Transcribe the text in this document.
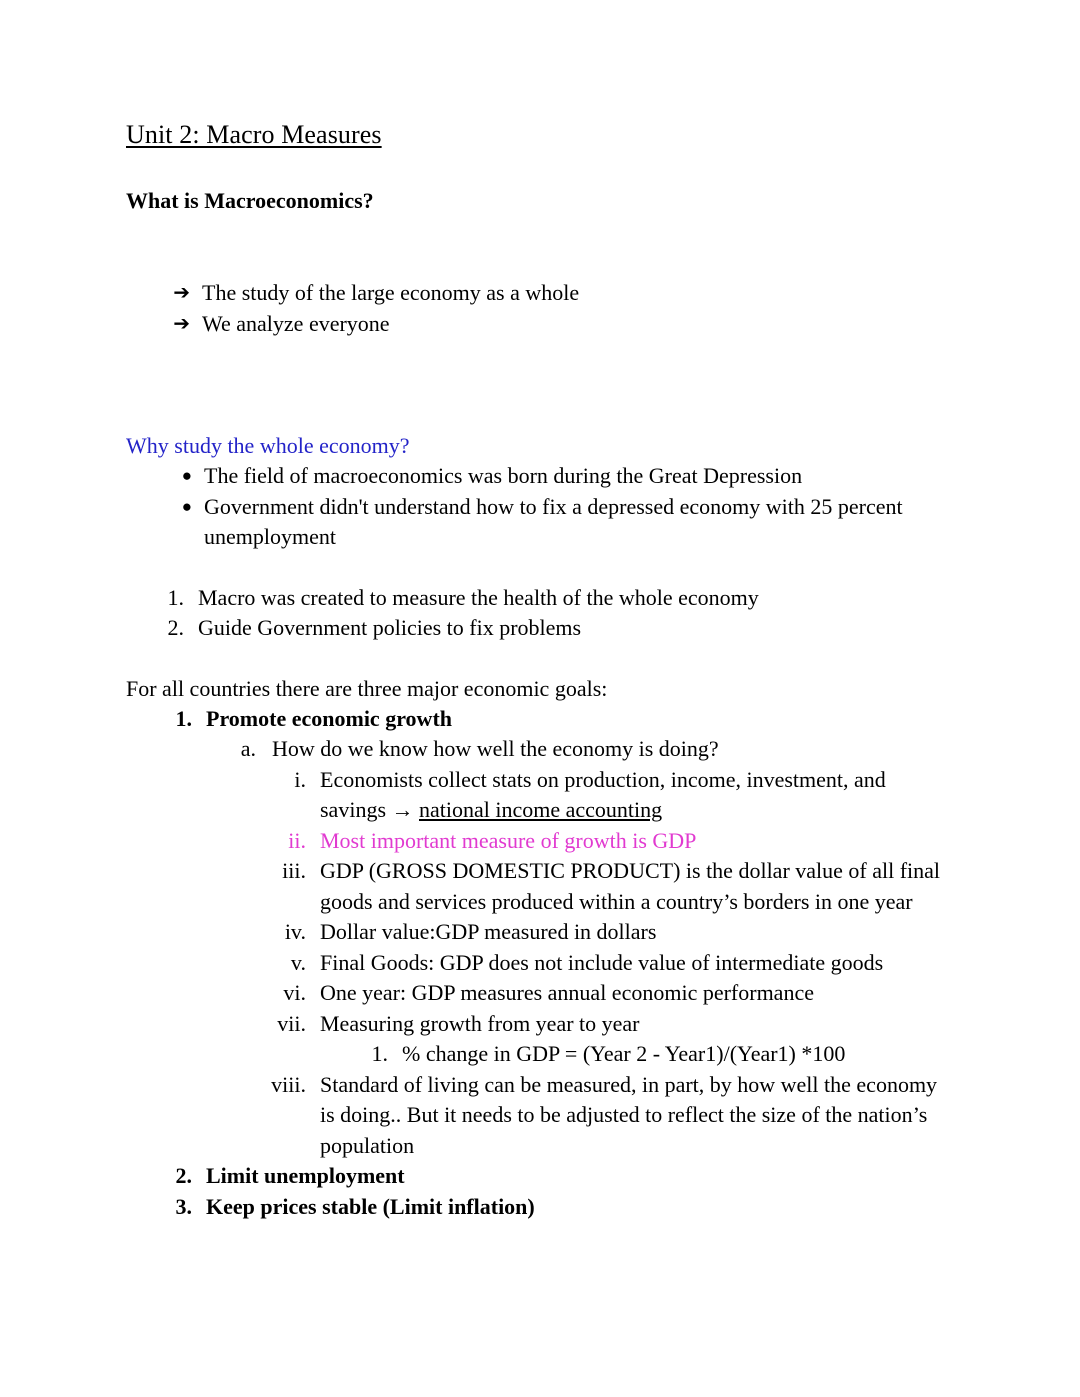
Unit 2: Macro Measures
What is Macroeconomics?
➔ The study of the large economy as a whole
➔ We analyze everyone

Why study the whole economy?

● The field of macroeconomics was born during the Great Depression
● Government didn't understand how to fix a depressed economy with 25 percent unemployment
1. Macro was created to measure the health of the whole economy
2. Guide Government policies to fix problems

For all countries there are three major economic goals:

1. Promote economic growth
a. How do we know how well the economy is doing?
i. Economists collect stats on production, income, investment, and savings → national income accounting
ii. Most important measure of growth is GDP
iii. GDP (GROSS DOMESTIC PRODUCT) is the dollar value of all final goods and services produced within a country’s borders in one year
iv. Dollar value:GDP measured in dollars
v. Final Goods: GDP does not include value of intermediate goods
vi. One year: GDP measures annual economic performance
vii. Measuring growth from year to year
1. % change in GDP = (Year 2 - Year1)/(Year1) *100
viii. Standard of living can be measured, in part, by how well the economy is doing.. But it needs to be adjusted to reflect the size of the nation’s population
2. Limit unemployment
3. Keep prices stable (Limit inflation)
